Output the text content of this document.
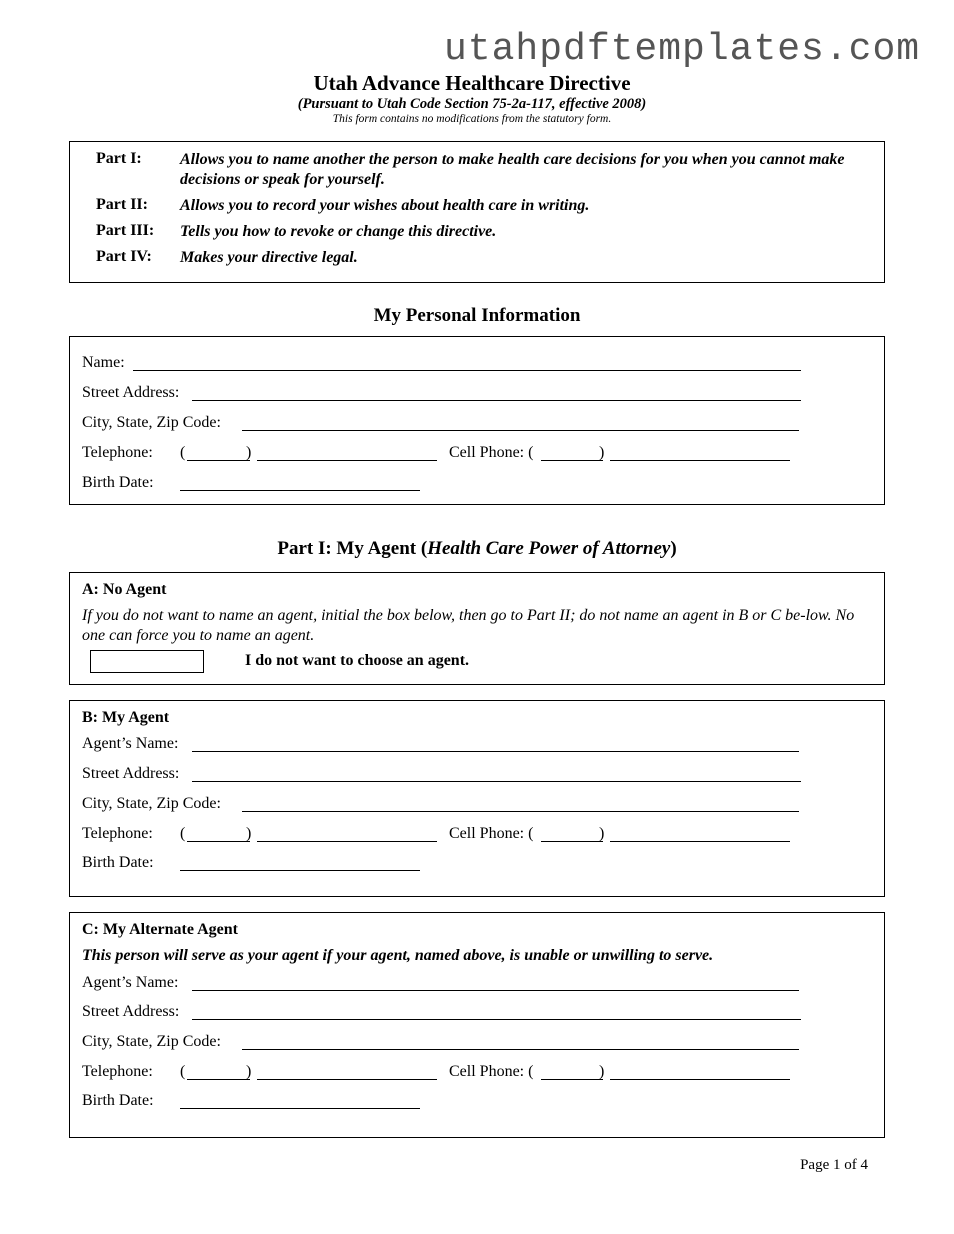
utahpdftemplates.com
Utah Advance Healthcare Directive
(Pursuant to Utah Code Section 75-2a-117, effective 2008)
This form contains no modifications from the statutory form.
Part I: Allows you to name another the person to make health care decisions for you when you cannot make decisions or speak for yourself.
Part II: Allows you to record your wishes about health care in writing.
Part III: Tells you how to revoke or change this directive.
Part IV: Makes your directive legal.
My Personal Information
Name:
Street Address:
City, State, Zip Code:
Telephone: (	)	Cell Phone: (	)
Birth Date:
Part I: My Agent (Health Care Power of Attorney)
A: No Agent
If you do not want to name an agent, initial the box below, then go to Part II; do not name an agent in B or C be-low. No one can force you to name an agent.
I do not want to choose an agent.
B: My Agent
Agent’s Name:
Street Address:
City, State, Zip Code:
Telephone: (	)	Cell Phone: (	)
Birth Date:
C: My Alternate Agent
This person will serve as your agent if your agent, named above, is unable or unwilling to serve.
Agent’s Name:
Street Address:
City, State, Zip Code:
Telephone: (	)	Cell Phone: (	)
Birth Date:
Page 1 of 4
